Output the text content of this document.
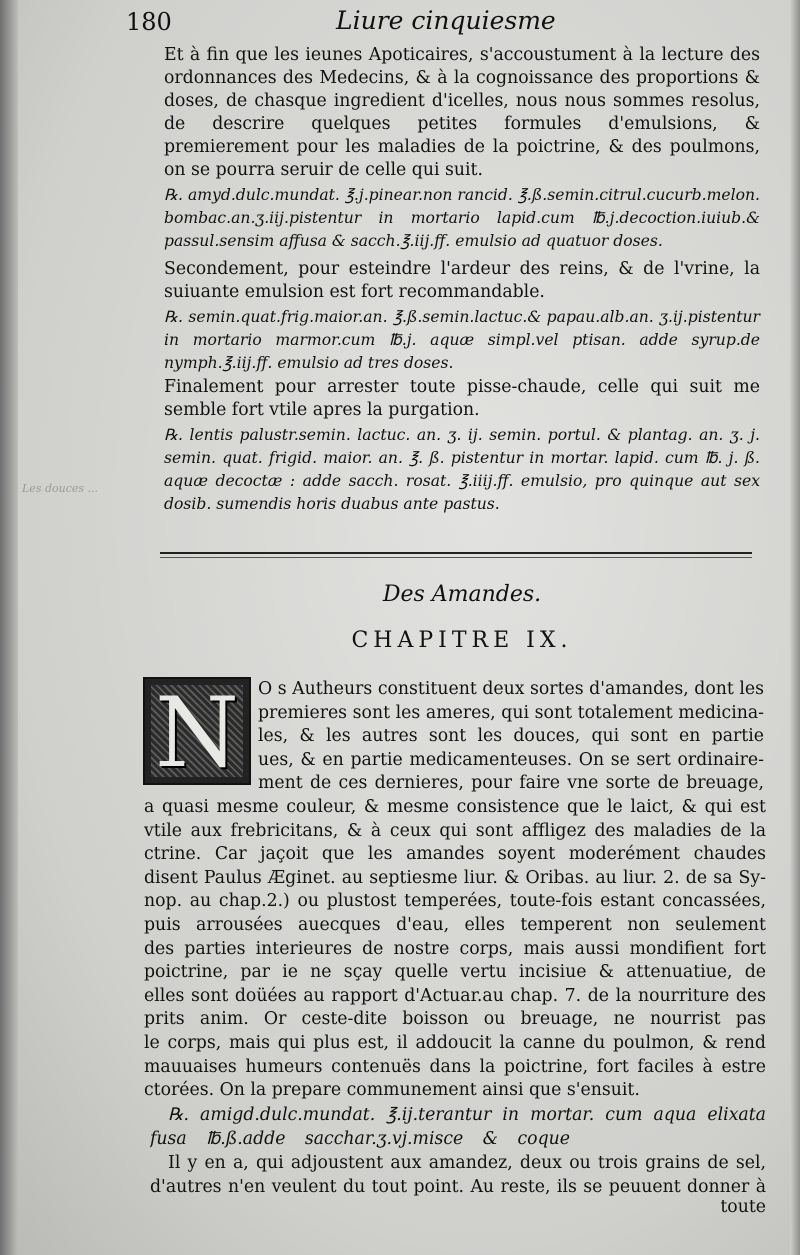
180	Liure cinquiesme
Et à fin que les ieunes Apoticaires, s'accoustument à la lecture des ordonnances des Medecins, & à la cognoissance des proportions & doses, de chasque ingredient d'icelles, nous nous sommes resolus, de descrire quelques petites formules d'emulsions, & premierement pour les maladies de la poictrine, & des poulmons, on se pourra seruir de celle qui suit.
℞. amyd.dulc.mundat. ℥.j.pinear.non rancid. ℥.ß.semin.citrul.cucurb.melon. bombac.an.ʒ.iij.pistentur in mortario lapid.cum ℔.j.decoction.iuiub.& passul.sensim affusa & sacch.℥.iij.ff. emulsio ad quatuor doses.
Secondement, pour esteindre l'ardeur des reins, & de l'vrine, la suiuante emulsion est fort recommandable.
℞. semin.quat.frig.maior.an. ℥.ß.semin.lactuc.& papau.alb.an. ʒ.ij.pistentur in mortario marmor.cum ℔.j. aquæ simpl.vel ptisan. adde syrup.de nymph.℥.iij.ff. emulsio ad tres doses.
Finalement pour arrester toute pisse-chaude, celle qui suit me semble fort vtile apres la purgation.
℞. lentis palustr.semin. lactuc. an. ʒ. ij. semin. portul. & plantag. an. ʒ. j. semin. quat. frigid. maior. an. ℥. ß. pistentur in mortar. lapid. cum ℔. j. ß. aquæ decoctæ : adde sacch. rosat. ℥.iiij.ff. emulsio, pro quinque aut sex dosib. sumendis horis duabus ante pastus.
Les douces ...
Des Amandes.
CHAPITRE IX.
N	O s Autheurs constituent deux sortes d'amandes, dont les
premieres sont les ameres, qui sont totalement medicina-
les, & les autres sont les douces, qui sont en partie
ues, & en partie medicamenteuses. On se sert ordinaire-
ment de ces dernieres, pour faire vne sorte de breuage,
a quasi mesme couleur, & mesme consistence que le laict, & qui est
vtile aux frebricitans, & à ceux qui sont affligez des maladies de la
ctrine. Car jaçoit que les amandes soyent moderément chaudes
disent Paulus Æginet. au septiesme liur. & Oribas. au liur. 2. de sa Sy-
nop. au chap.2.) ou plustost temperées, toute-fois estant concassées,
puis arrousées auecques d'eau, elles temperent non seulement
des parties interieures de nostre corps, mais aussi mondifient fort
poictrine, par ie ne sçay quelle vertu incisiue & attenuatiue, de
elles sont doüées au rapport d'Actuar.au chap. 7. de la nourriture des
prits anim. Or ceste-dite boisson ou breuage, ne nourrist pas
le corps, mais qui plus est, il addoucit la canne du poulmon, & rend
mauuaises humeurs contenuës dans la poictrine, fort faciles à estre
ctorées. On la prepare communement ainsi que s'ensuit.
℞. amigd.dulc.mundat. ℥.ij.terantur in mortar. cum aqua elixata
fusa ℔.ß.adde sacchar.ʒ.vj.misce & coque
Il y en a, qui adjoustent aux amandez, deux ou trois grains de sel,
d'autres n'en veulent du tout point. Au reste, ils se peuuent donner à
toute
